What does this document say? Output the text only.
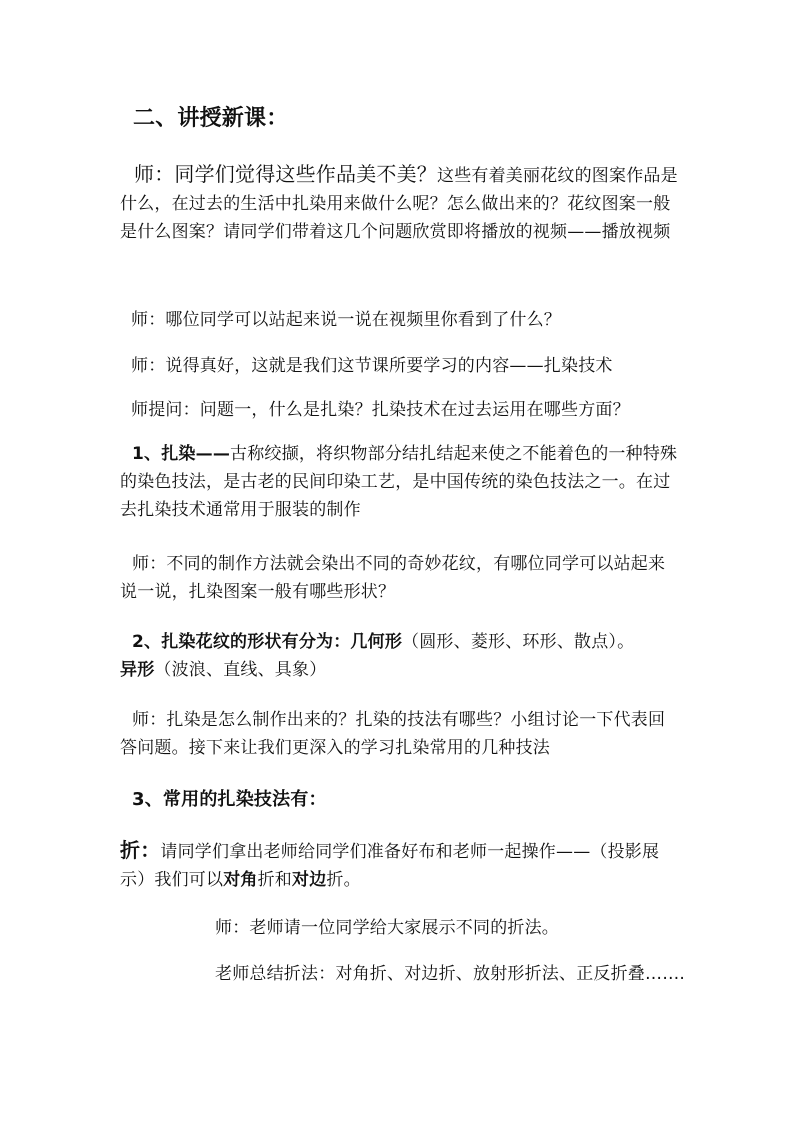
二、讲授新课：

师：同学们觉得这些作品美不美？这些有着美丽花纹的图案作品是什么，在过去的生活中扎染用来做什么呢？怎么做出来的？花纹图案一般是什么图案？请同学们带着这几个问题欣赏即将播放的视频——播放视频

师：哪位同学可以站起来说一说在视频里你看到了什么？

师：说得真好，这就是我们这节课所要学习的内容——扎染技术

师提问：问题一，什么是扎染？扎染技术在过去运用在哪些方面？

1、扎染——古称绞撷，将织物部分结扎结起来使之不能着色的一种特殊的染色技法，是古老的民间印染工艺，是中国传统的染色技法之一。在过去扎染技术通常用于服装的制作

师：不同的制作方法就会染出不同的奇妙花纹，有哪位同学可以站起来说一说，扎染图案一般有哪些形状？

2、扎染花纹的形状有分为：几何形（圆形、菱形、环形、散点）。异形（波浪、直线、具象）

师：扎染是怎么制作出来的？扎染的技法有哪些？小组讨论一下代表回答问题。接下来让我们更深入的学习扎染常用的几种技法

3、常用的扎染技法有：

折：请同学们拿出老师给同学们准备好布和老师一起操作——（投影展示）我们可以对角折和对边折。

师：老师请一位同学给大家展示不同的折法。

老师总结折法：对角折、对边折、放射形折法、正反折叠…….
